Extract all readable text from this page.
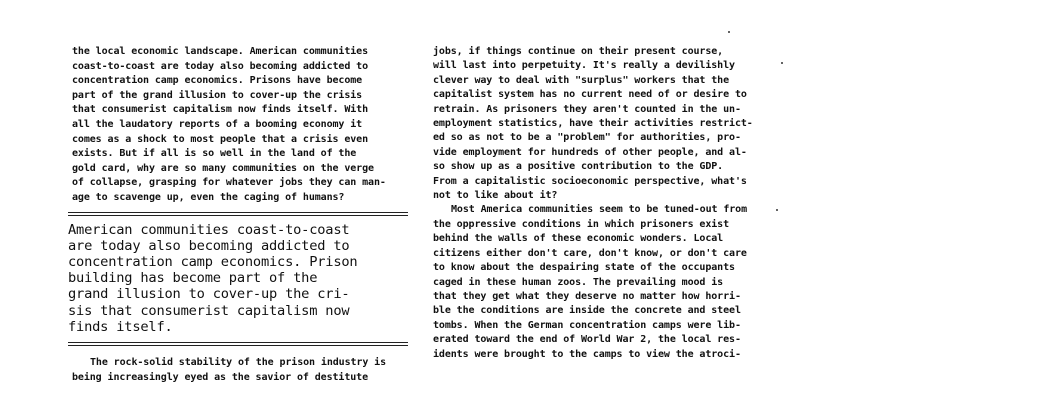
the local economic landscape. American communities
coast-to-coast are today also becoming addicted to
concentration camp economics. Prisons have become
part of the grand illusion to cover-up the crisis
that consumerist capitalism now finds itself. With
all the laudatory reports of a booming economy it
comes as a shock to most people that a crisis even
exists. But if all is so well in the land of the
gold card, why are so many communities on the verge
of collapse, grasping for whatever jobs they can man-
age to scavenge up, even the caging of humans?
American communities coast-to-coast
are today also becoming addicted to
concentration camp economics. Prison
building has become part of the
grand illusion to cover-up the cri-
sis that consumerist capitalism now
finds itself.
The rock-solid stability of the prison industry is
being increasingly eyed as the savior of destitute
jobs, if things continue on their present course,
will last into perpetuity. It's really a devilishly
clever way to deal with "surplus" workers that the
capitalist system has no current need of or desire to
retrain. As prisoners they aren't counted in the un-
employment statistics, have their activities restrict-
ed so as not to be a "problem" for authorities, pro-
vide employment for hundreds of other people, and al-
so show up as a positive contribution to the GDP.
From a capitalistic socioeconomic perspective, what's
not to like about it?
Most America communities seem to be tuned-out from
the oppressive conditions in which prisoners exist
behind the walls of these economic wonders. Local
citizens either don't care, don't know, or don't care
to know about the despairing state of the occupants
caged in these human zoos. The prevailing mood is
that they get what they deserve no matter how horri-
ble the conditions are inside the concrete and steel
tombs. When the German concentration camps were lib-
erated toward the end of World War 2, the local res-
idents were brought to the camps to view the atroci-
